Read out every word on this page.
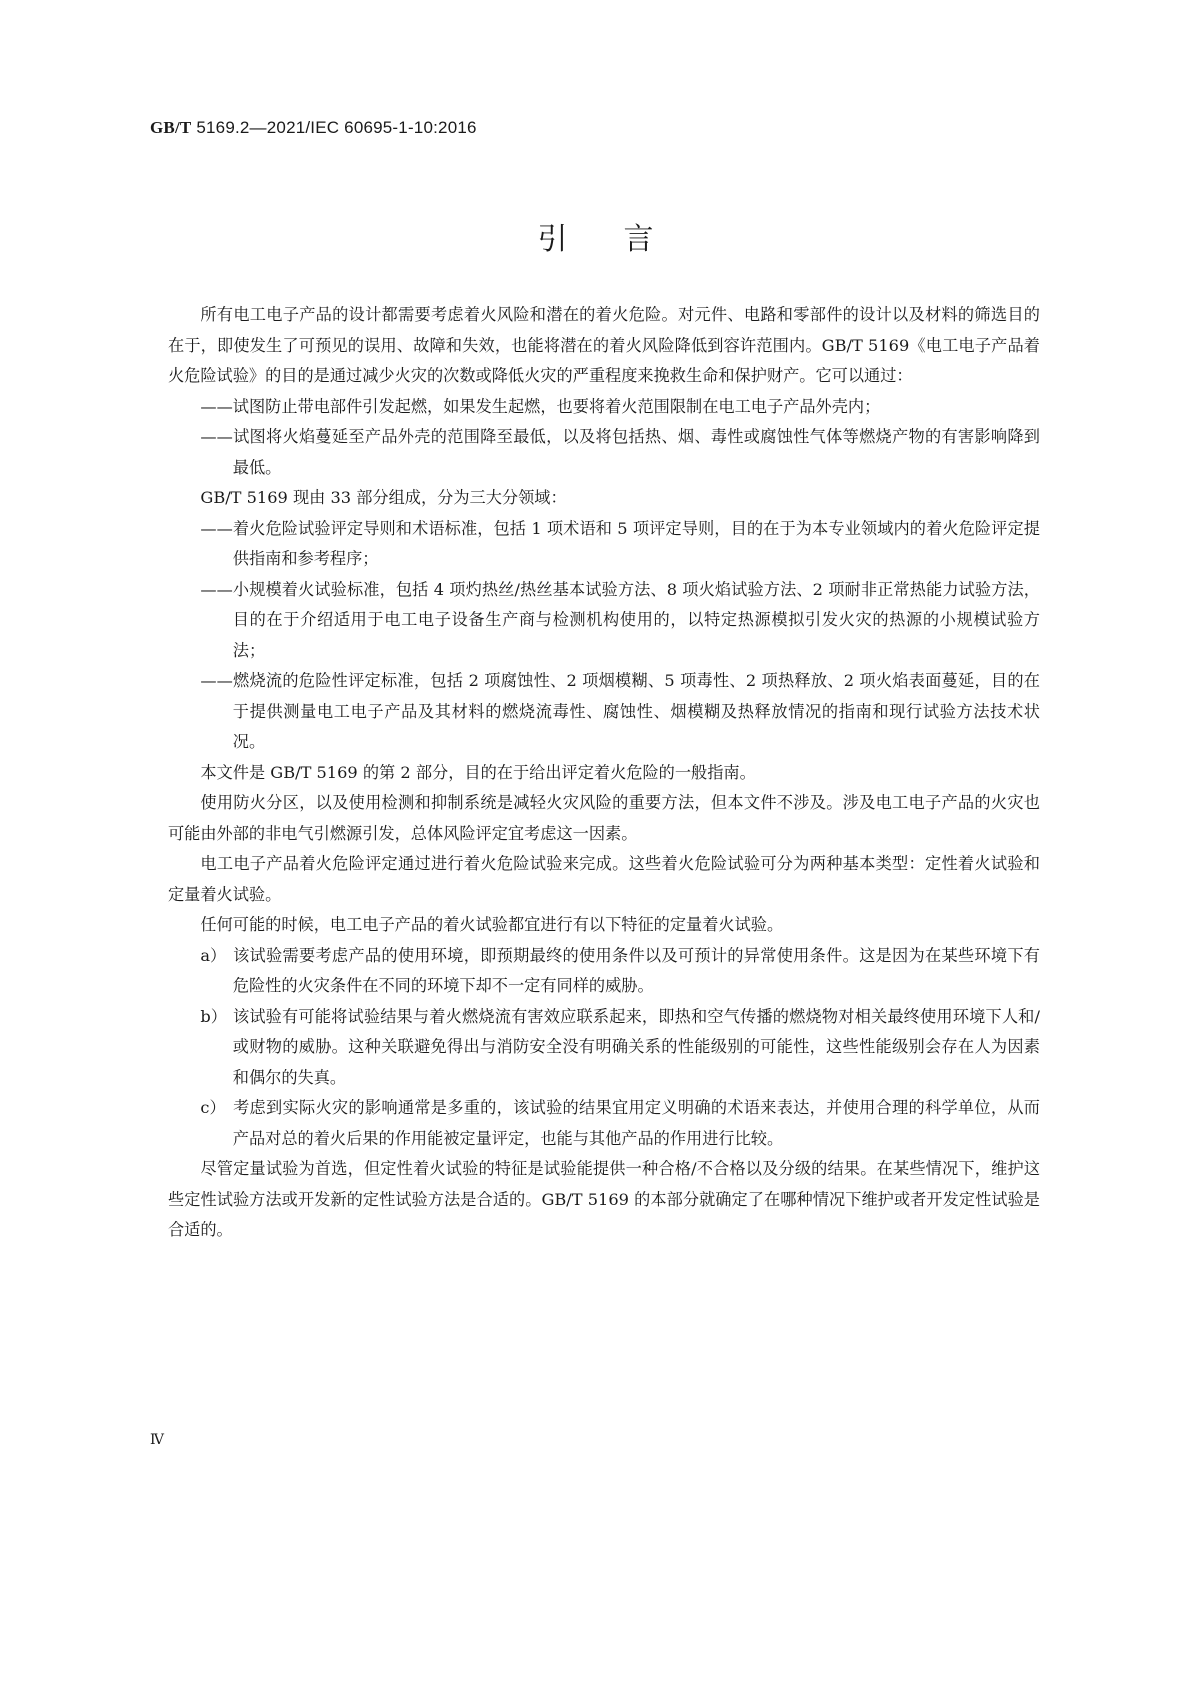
GB/T 5169.2—2021/IEC 60695-1-10:2016
引 言

所有电工电子产品的设计都需要考虑着火风险和潜在的着火危险。对元件、电路和零部件的设计以及材料的筛选目的在于，即使发生了可预见的误用、故障和失效，也能将潜在的着火风险降低到容许范围内。GB/T 5169《电工电子产品着火危险试验》的目的是通过减少火灾的次数或降低火灾的严重程度来挽救生命和保护财产。它可以通过：

——试图防止带电部件引发起燃，如果发生起燃，也要将着火范围限制在电工电子产品外壳内；

——试图将火焰蔓延至产品外壳的范围降至最低，以及将包括热、烟、毒性或腐蚀性气体等燃烧产物的有害影响降到最低。

GB/T 5169 现由 33 部分组成，分为三大分领域：

——着火危险试验评定导则和术语标准，包括 1 项术语和 5 项评定导则，目的在于为本专业领域内的着火危险评定提供指南和参考程序；

——小规模着火试验标准，包括 4 项灼热丝/热丝基本试验方法、8 项火焰试验方法、2 项耐非正常热能力试验方法，目的在于介绍适用于电工电子设备生产商与检测机构使用的，以特定热源模拟引发火灾的热源的小规模试验方法；

——燃烧流的危险性评定标准，包括 2 项腐蚀性、2 项烟模糊、5 项毒性、2 项热释放、2 项火焰表面蔓延，目的在于提供测量电工电子产品及其材料的燃烧流毒性、腐蚀性、烟模糊及热释放情况的指南和现行试验方法技术状况。

本文件是 GB/T 5169 的第 2 部分，目的在于给出评定着火危险的一般指南。

使用防火分区，以及使用检测和抑制系统是减轻火灾风险的重要方法，但本文件不涉及。涉及电工电子产品的火灾也可能由外部的非电气引燃源引发，总体风险评定宜考虑这一因素。

电工电子产品着火危险评定通过进行着火危险试验来完成。这些着火危险试验可分为两种基本类型：定性着火试验和定量着火试验。

任何可能的时候，电工电子产品的着火试验都宜进行有以下特征的定量着火试验。

a） 该试验需要考虑产品的使用环境，即预期最终的使用条件以及可预计的异常使用条件。这是因为在某些环境下有危险性的火灾条件在不同的环境下却不一定有同样的威胁。

b） 该试验有可能将试验结果与着火燃烧流有害效应联系起来，即热和空气传播的燃烧物对相关最终使用环境下人和/或财物的威胁。这种关联避免得出与消防安全没有明确关系的性能级别的可能性，这些性能级别会存在人为因素和偶尔的失真。

c） 考虑到实际火灾的影响通常是多重的，该试验的结果宜用定义明确的术语来表达，并使用合理的科学单位，从而产品对总的着火后果的作用能被定量评定，也能与其他产品的作用进行比较。

尽管定量试验为首选，但定性着火试验的特征是试验能提供一种合格/不合格以及分级的结果。在某些情况下，维护这些定性试验方法或开发新的定性试验方法是合适的。GB/T 5169 的本部分就确定了在哪种情况下维护或者开发定性试验是合适的。

Ⅳ
